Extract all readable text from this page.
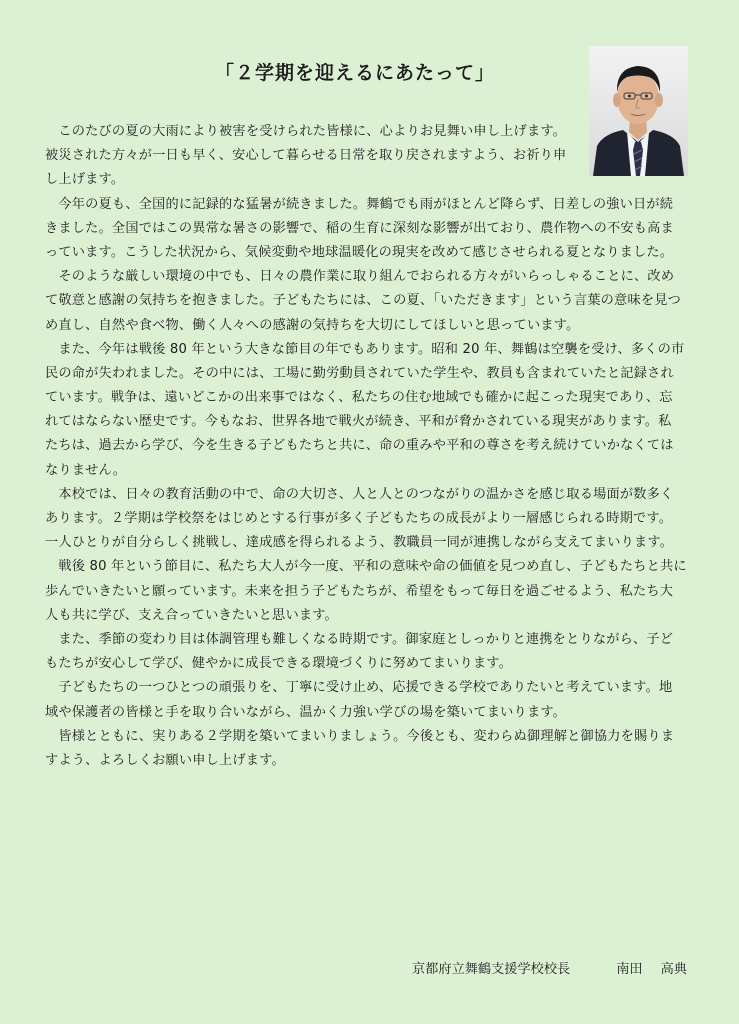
「２学期を迎えるにあたって」
　このたびの夏の大雨により被害を受けられた皆様に、心よりお見舞い申し上げます。
被災された方々が一日も早く、安心して暮らせる日常を取り戻されますよう、お祈り申
し上げます。
　今年の夏も、全国的に記録的な猛暑が続きました。舞鶴でも雨がほとんど降らず、日差しの強い日が続
きました。全国ではこの異常な暑さの影響で、稲の生育に深刻な影響が出ており、農作物への不安も高ま
っています。こうした状況から、気候変動や地球温暖化の現実を改めて感じさせられる夏となりました。
　そのような厳しい環境の中でも、日々の農作業に取り組んでおられる方々がいらっしゃることに、改め
て敬意と感謝の気持ちを抱きました。子どもたちには、この夏、「いただきます」という言葉の意味を見つ
め直し、自然や食べ物、働く人々への感謝の気持ちを大切にしてほしいと思っています。
　また、今年は戦後 80 年という大きな節目の年でもあります。昭和 20 年、舞鶴は空襲を受け、多くの市
民の命が失われました。その中には、工場に勤労動員されていた学生や、教員も含まれていたと記録され
ています。戦争は、遠いどこかの出来事ではなく、私たちの住む地域でも確かに起こった現実であり、忘
れてはならない歴史です。今もなお、世界各地で戦火が続き、平和が脅かされている現実があります。私
たちは、過去から学び、今を生きる子どもたちと共に、命の重みや平和の尊さを考え続けていかなくては
なりません。
　本校では、日々の教育活動の中で、命の大切さ、人と人とのつながりの温かさを感じ取る場面が数多く
あります。２学期は学校祭をはじめとする行事が多く子どもたちの成長がより一層感じられる時期です。
一人ひとりが自分らしく挑戦し、達成感を得られるよう、教職員一同が連携しながら支えてまいります。
　戦後 80 年という節目に、私たち大人が今一度、平和の意味や命の価値を見つめ直し、子どもたちと共に
歩んでいきたいと願っています。未来を担う子どもたちが、希望をもって毎日を過ごせるよう、私たち大
人も共に学び、支え合っていきたいと思います。
　また、季節の変わり目は体調管理も難しくなる時期です。御家庭としっかりと連携をとりながら、子ど
もたちが安心して学び、健やかに成長できる環境づくりに努めてまいります。
　子どもたちの一つひとつの頑張りを、丁寧に受け止め、応援できる学校でありたいと考えています。地
域や保護者の皆様と手を取り合いながら、温かく力強い学びの場を築いてまいります。
　皆様とともに、実りある２学期を築いてまいりましょう。今後とも、変わらぬ御理解と御協力を賜りま
すよう、よろしくお願い申し上げます。
京都府立舞鶴支援学校校長	南田 高典
